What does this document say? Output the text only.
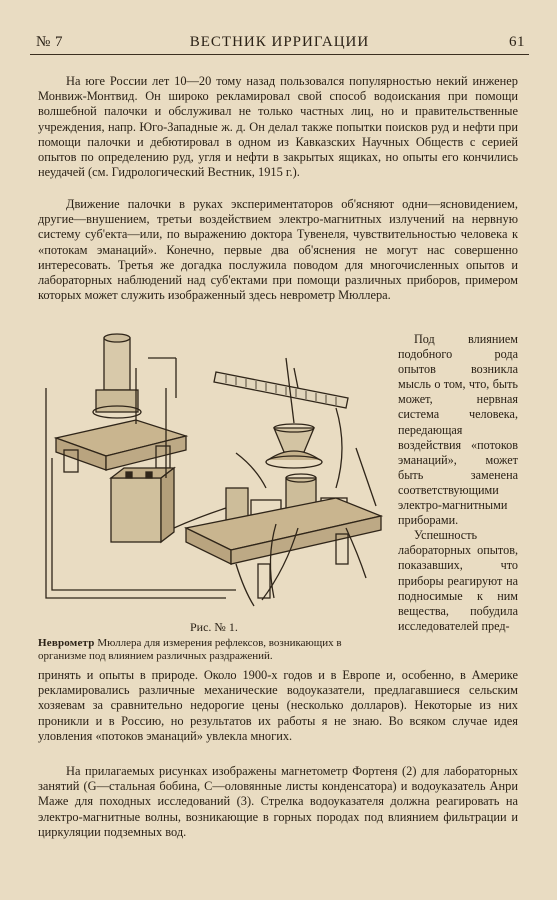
№ 7	ВЕСТНИК ИРРИГАЦИИ	61

На юге России лет 10—20 тому назад пользовался популярностью некий инженер Монвиж-Монтвид. Он широко рекламировал свой способ водоискания при помощи волшебной палочки и обслуживал не только частных лиц, но и правительственные учреждения, напр. Юго-Западные ж. д. Он делал также попытки поисков руд и нефти при помощи палочки и дебютировал в одном из Кавказских Научных Обществ с серией опытов по определению руд, угля и нефти в закрытых ящиках, но опыты его кончились неудачей (см. Гидрологический Вестник, 1915 г.).

Движение палочки в руках экспериментаторов об'ясняют одни—ясновидением, другие—внушением, третьи воздействием электро-магнитных излучений на нервную систему суб'екта—или, по выражению доктора Тувенеля, чувствительностью человека к «потокам эманаций». Конечно, первые два об'яснения не могут нас совершенно интересовать. Третья же догадка послужила поводом для многочисленных опытов и лабораторных наблюдений над суб'ектами при помощи различных приборов, примером которых может служить изображенный здесь неврометр Мюллера.

Рис. № 1.

Неврометр Мюллера для измерения рефлексов, возникающих в организме под влиянием различных раздражений.

Под влиянием подобного рода опытов возникла мысль о том, что, быть может, нервная система человека, передающая воздействия «потоков эманаций», может быть заменена соответствующими электро-магнитными приборами.

Успешность лабораторных опытов, показавших, что приборы реагируют на подносимые к ним вещества, побудила исследователей пред-

принять и опыты в природе. Около 1900-х годов и в Европе и, особенно, в Америке рекламировались различные механические водоуказатели, предлагавшиеся сельским хозяевам за сравнительно недорогие цены (несколько долларов). Некоторые из них проникли и в Россию, но результатов их работы я не знаю. Во всяком случае идея уловления «потоков эманаций» увлекла многих.

На прилагаемых рисунках изображены магнетометр Фортеня (2) для лабораторных занятий (G—стальная бобина, C—оловянные листы конденсатора) и водоуказатель Анри Маже для походных исследований (3). Стрелка водоуказателя должна реагировать на электро-магнитные волны, возникающие в горных породах под влиянием фильтрации и циркуляции подземных вод.
